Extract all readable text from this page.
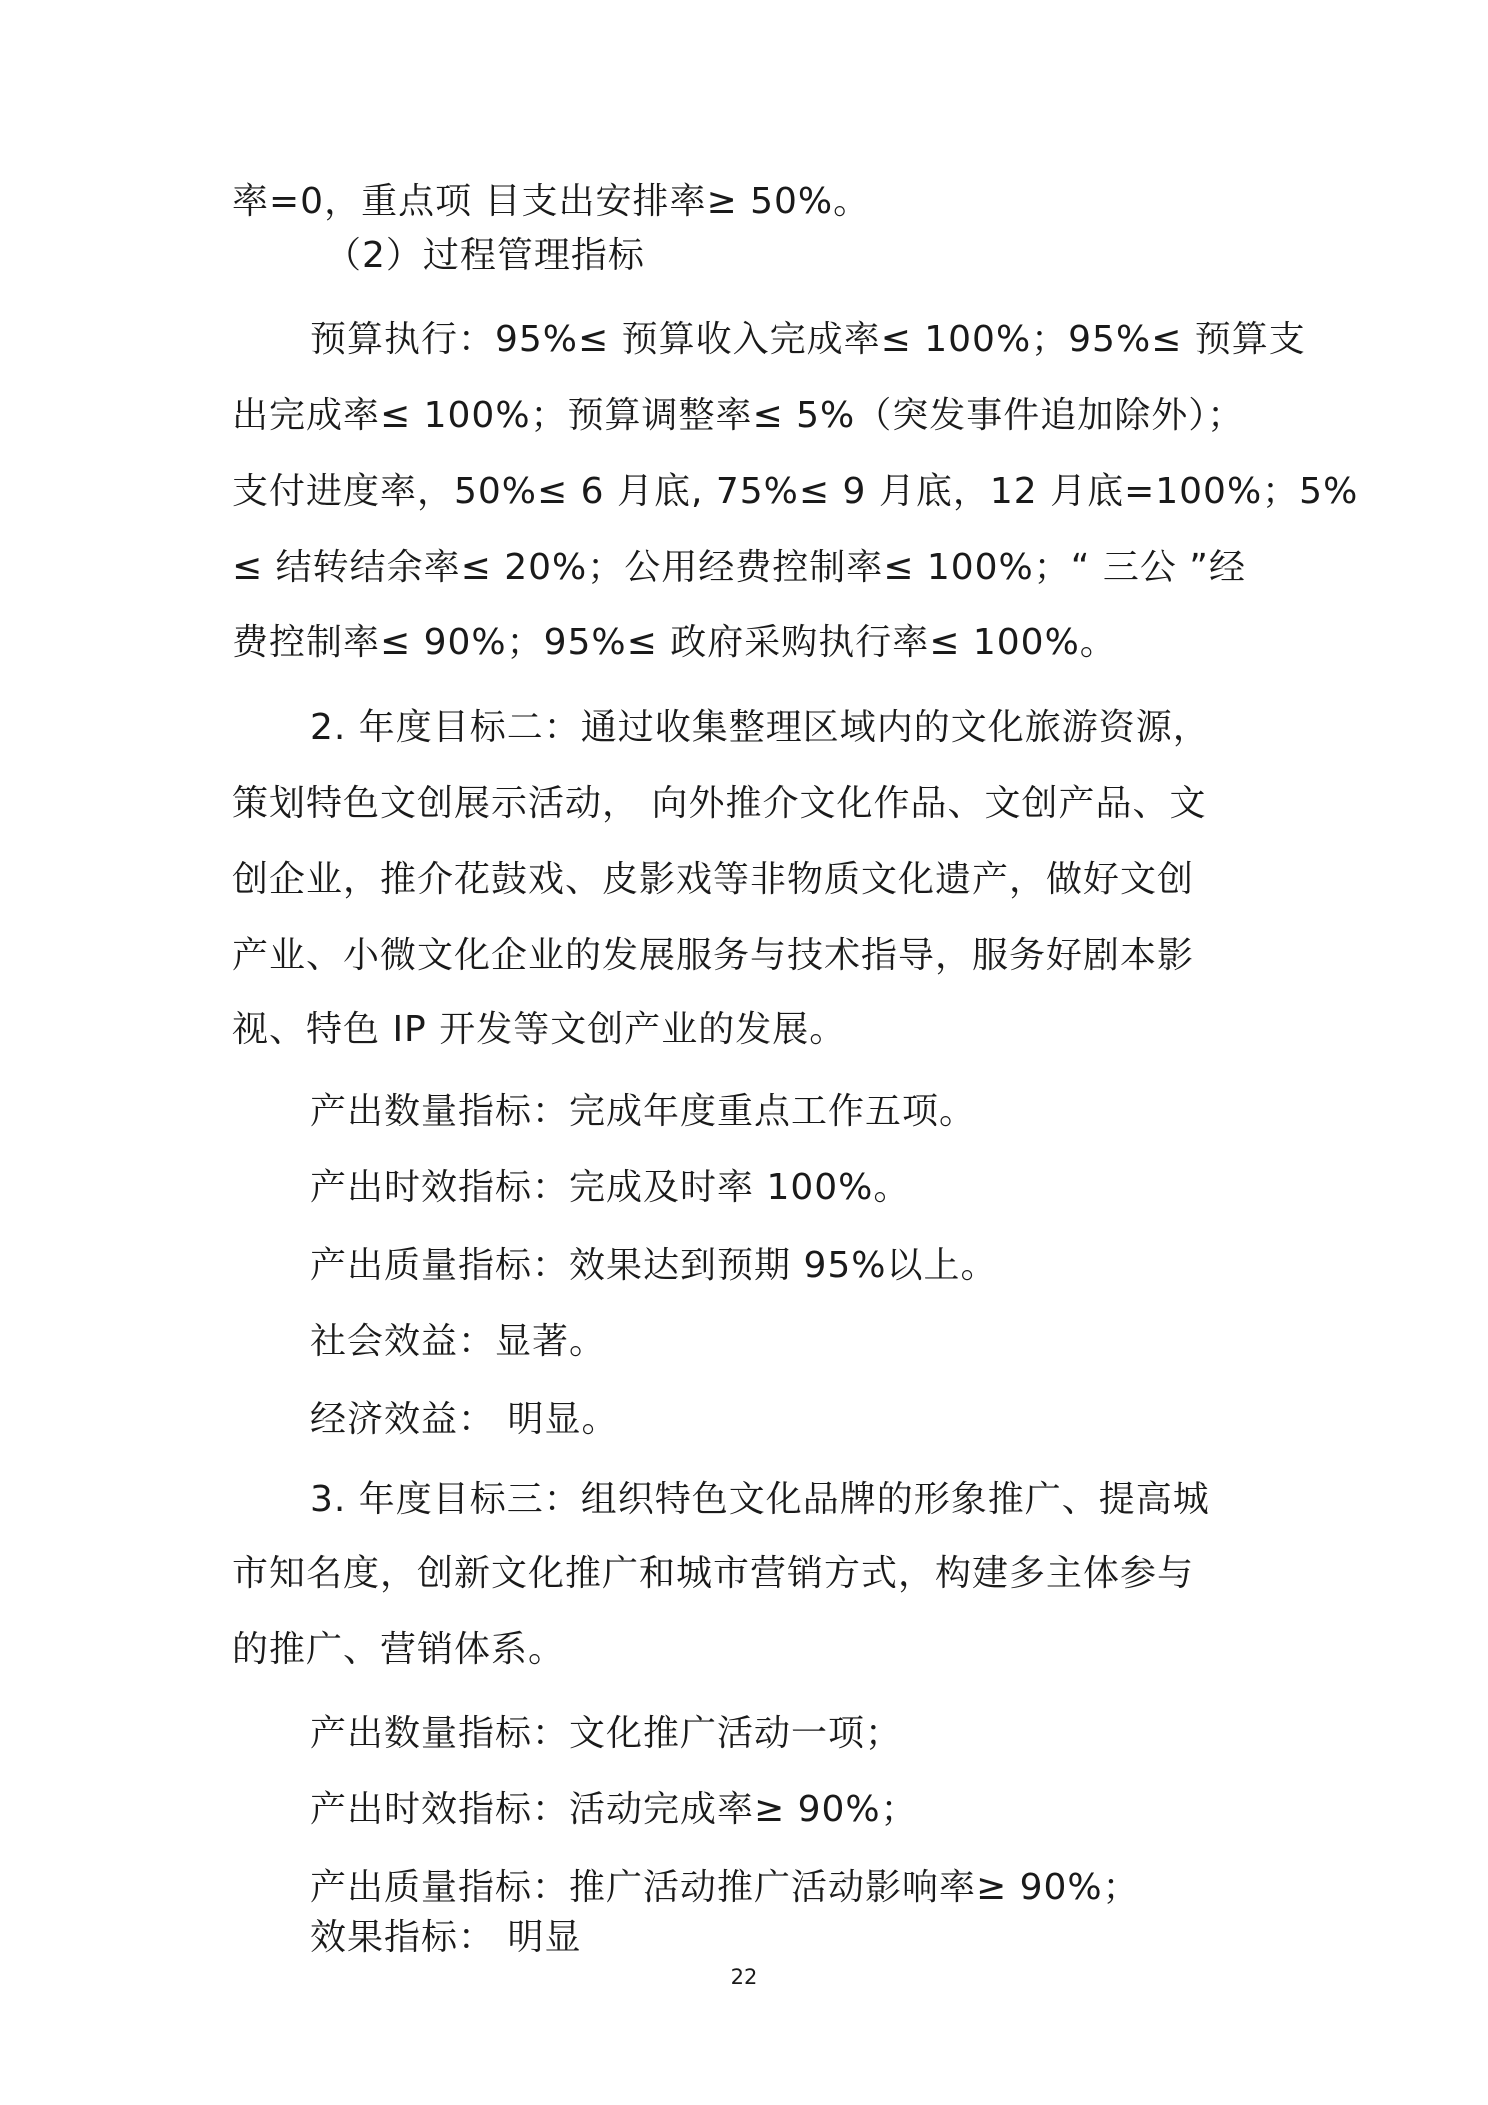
率=0，重点项 目支出安排率≥ 50%。
（2）过程管理指标
预算执行：95%≤ 预算收入完成率≤ 100%；95%≤ 预算支
出完成率≤ 100%；预算调整率≤ 5%（突发事件追加除外）；
支付进度率，50%≤ 6 月底, 75%≤ 9 月底，12 月底=100%；5%
≤ 结转结余率≤ 20%；公用经费控制率≤ 100%；“ 三公 ”经
费控制率≤ 90%；95%≤ 政府采购执行率≤ 100%。
2. 年度目标二：通过收集整理区域内的文化旅游资源，
策划特色文创展示活动， 向外推介文化作品、文创产品、文
创企业，推介花鼓戏、皮影戏等非物质文化遗产，做好文创
产业、小微文化企业的发展服务与技术指导，服务好剧本影
视、特色 IP 开发等文创产业的发展。
产出数量指标：完成年度重点工作五项。
产出时效指标：完成及时率 100%。
产出质量指标：效果达到预期 95%以上。
社会效益：显著。
经济效益： 明显。
3. 年度目标三：组织特色文化品牌的形象推广、提高城
市知名度，创新文化推广和城市营销方式，构建多主体参与
的推广、营销体系。
产出数量指标：文化推广活动一项；
产出时效指标：活动完成率≥ 90%；
产出质量指标：推广活动推广活动影响率≥ 90%；
效果指标： 明显
22
